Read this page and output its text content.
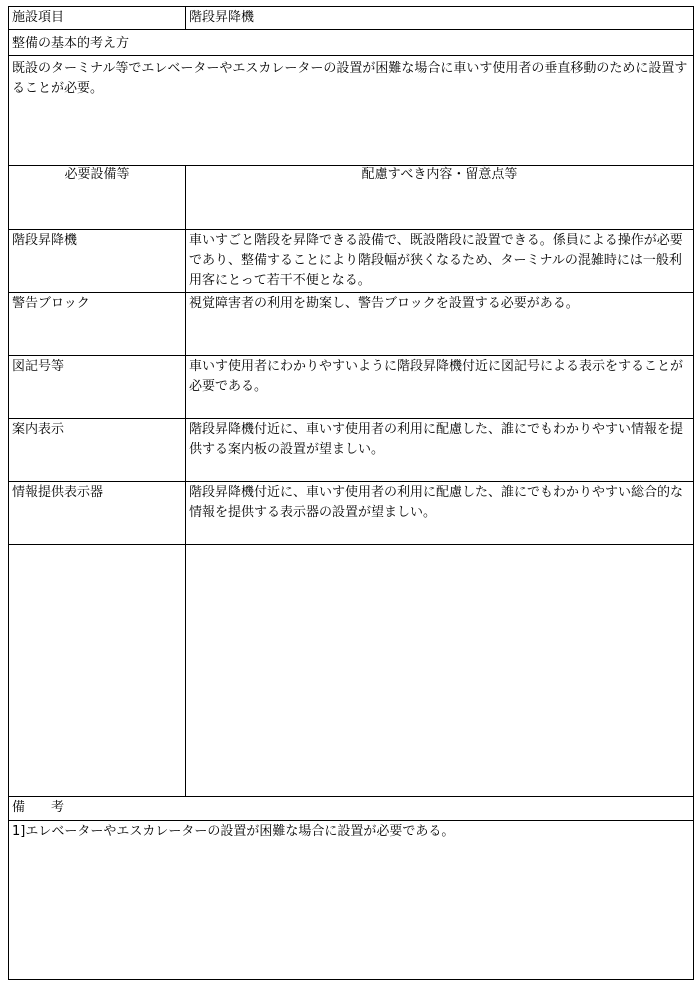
施設項目	階段昇降機
整備の基本的考え方
既設のターミナル等でエレベーターやエスカレーターの設置が困難な場合に車いす使用者の垂直移動のために設置することが必要。
必要設備等	配慮すべき内容・留意点等
階段昇降機	車いすごと階段を昇降できる設備で、既設階段に設置できる。係員による操作が必要であり、整備することにより階段幅が狭くなるため、ターミナルの混雑時には一般利用客にとって若干不便となる。
警告ブロック	視覚障害者の利用を勘案し、警告ブロックを設置する必要がある。
図記号等	車いす使用者にわかりやすいように階段昇降機付近に図記号による表示をすることが必要である。
案内表示	階段昇降機付近に、車いす使用者の利用に配慮した、誰にでもわかりやすい情報を提供する案内板の設置が望ましい。
情報提供表示器	階段昇降機付近に、車いす使用者の利用に配慮した、誰にでもわかりやすい総合的な情報を提供する表示器の設置が望ましい。
備　　考
1]エレベーターやエスカレーターの設置が困難な場合に設置が必要である。
